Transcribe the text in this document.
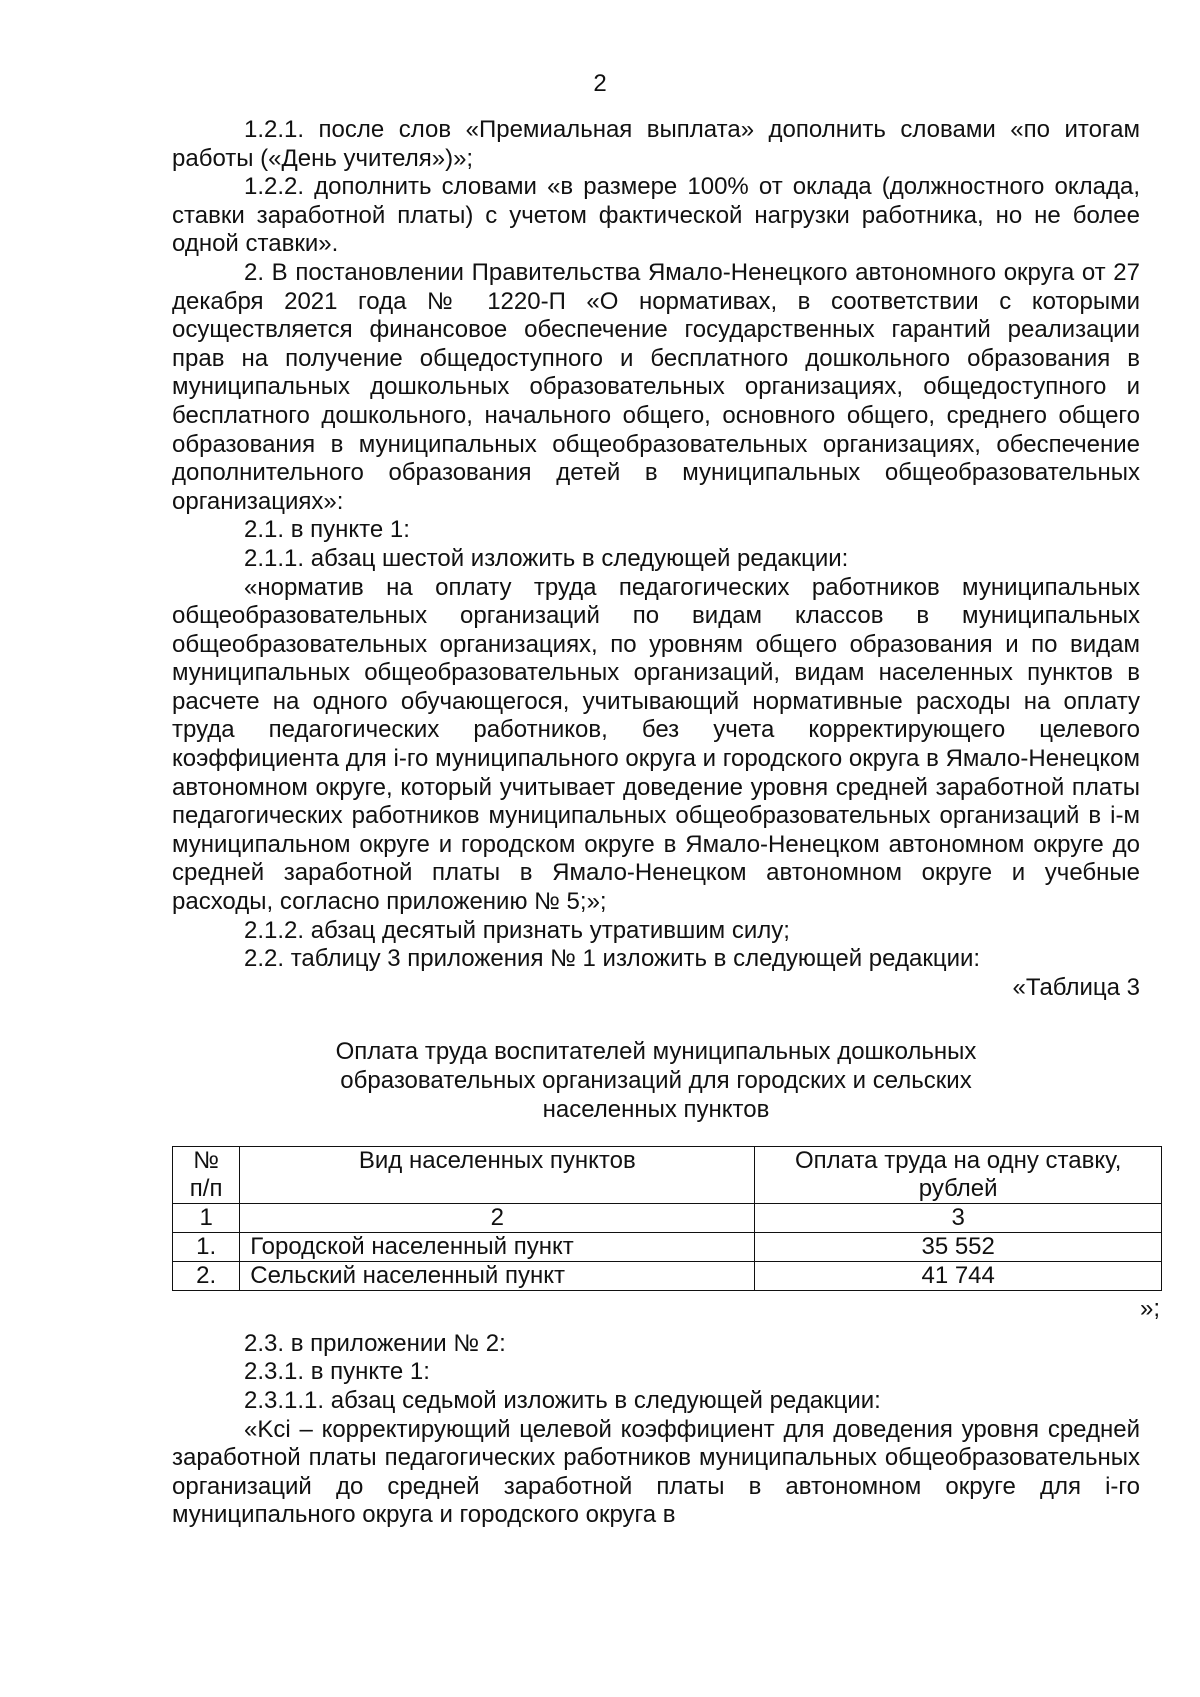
2

1.2.1. после слов «Премиальная выплата» дополнить словами «по итогам работы («День учителя»)»;

1.2.2. дополнить словами «в размере 100% от оклада (должностного оклада, ставки заработной платы) с учетом фактической нагрузки работника, но не более одной ставки».

2. В постановлении Правительства Ямало-Ненецкого автономного округа от 27 декабря 2021 года № 1220-П «О нормативах, в соответствии с которыми осуществляется финансовое обеспечение государственных гарантий реализации прав на получение общедоступного и бесплатного дошкольного образования в муниципальных дошкольных образовательных организациях, общедоступного и бесплатного дошкольного, начального общего, основного общего, среднего общего образования в муниципальных общеобразовательных организациях, обеспечение дополнительного образования детей в муниципальных общеобразовательных организациях»:

2.1. в пункте 1:

2.1.1. абзац шестой изложить в следующей редакции:

«норматив на оплату труда педагогических работников муниципальных общеобразовательных организаций по видам классов в муниципальных общеобразовательных организациях, по уровням общего образования и по видам муниципальных общеобразовательных организаций, видам населенных пунктов в расчете на одного обучающегося, учитывающий нормативные расходы на оплату труда педагогических работников, без учета корректирующего целевого коэффициента для i-го муниципального округа и городского округа в Ямало-Ненецком автономном округе, который учитывает доведение уровня средней заработной платы педагогических работников муниципальных общеобразовательных организаций в i-м муниципальном округе и городском округе в Ямало-Ненецком автономном округе до средней заработной платы в Ямало-Ненецком автономном округе и учебные расходы, согласно приложению № 5;»;

2.1.2. абзац десятый признать утратившим силу;

2.2. таблицу 3 приложения № 1 изложить в следующей редакции:

«Таблица 3

Оплата труда воспитателей муниципальных дошкольных образовательных организаций для городских и сельских населенных пунктов
№ п/п	Вид населенных пунктов	Оплата труда на одну ставку, рублей
1	2	3
1.	Городской населенный пункт	35 552
2.	Сельский населенный пункт	41 744
»;

2.3. в приложении № 2:

2.3.1. в пункте 1:

2.3.1.1. абзац седьмой изложить в следующей редакции:

«Kci – корректирующий целевой коэффициент для доведения уровня средней заработной платы педагогических работников муниципальных общеобразовательных организаций до средней заработной платы в автономном округе для i-го муниципального округа и городского округа в
